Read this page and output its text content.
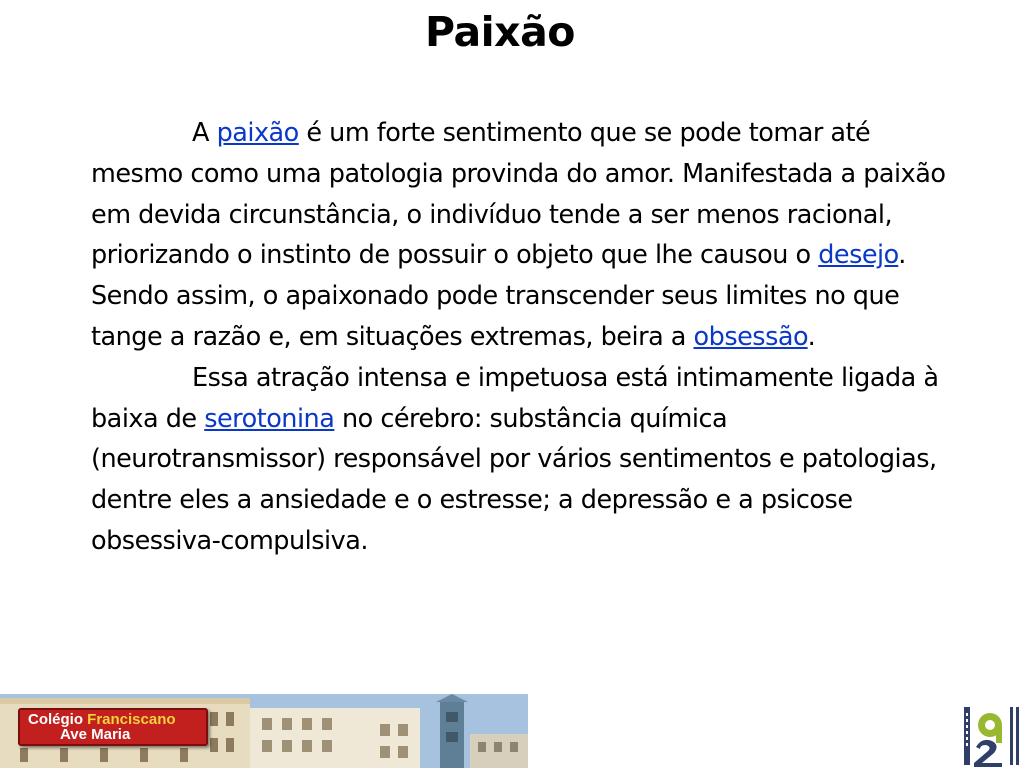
Paixão

A paixão é um forte sentimento que se pode tomar até mesmo como uma patologia provinda do amor. Manifestada a paixão em devida circunstância, o indivíduo tende a ser menos racional, priorizando o instinto de possuir o objeto que lhe causou o desejo. Sendo assim, o apaixonado pode transcender seus limites no que tange a razão e, em situações extremas, beira a obsessão.

Essa atração intensa e impetuosa está intimamente ligada à baixa de serotonina no cérebro: substância química (neurotransmissor) responsável por vários sentimentos e patologias, dentre eles a ansiedade e o estresse; a depressão e a psicose obsessiva-compulsiva.

Colégio Franciscano
Ave Maria
